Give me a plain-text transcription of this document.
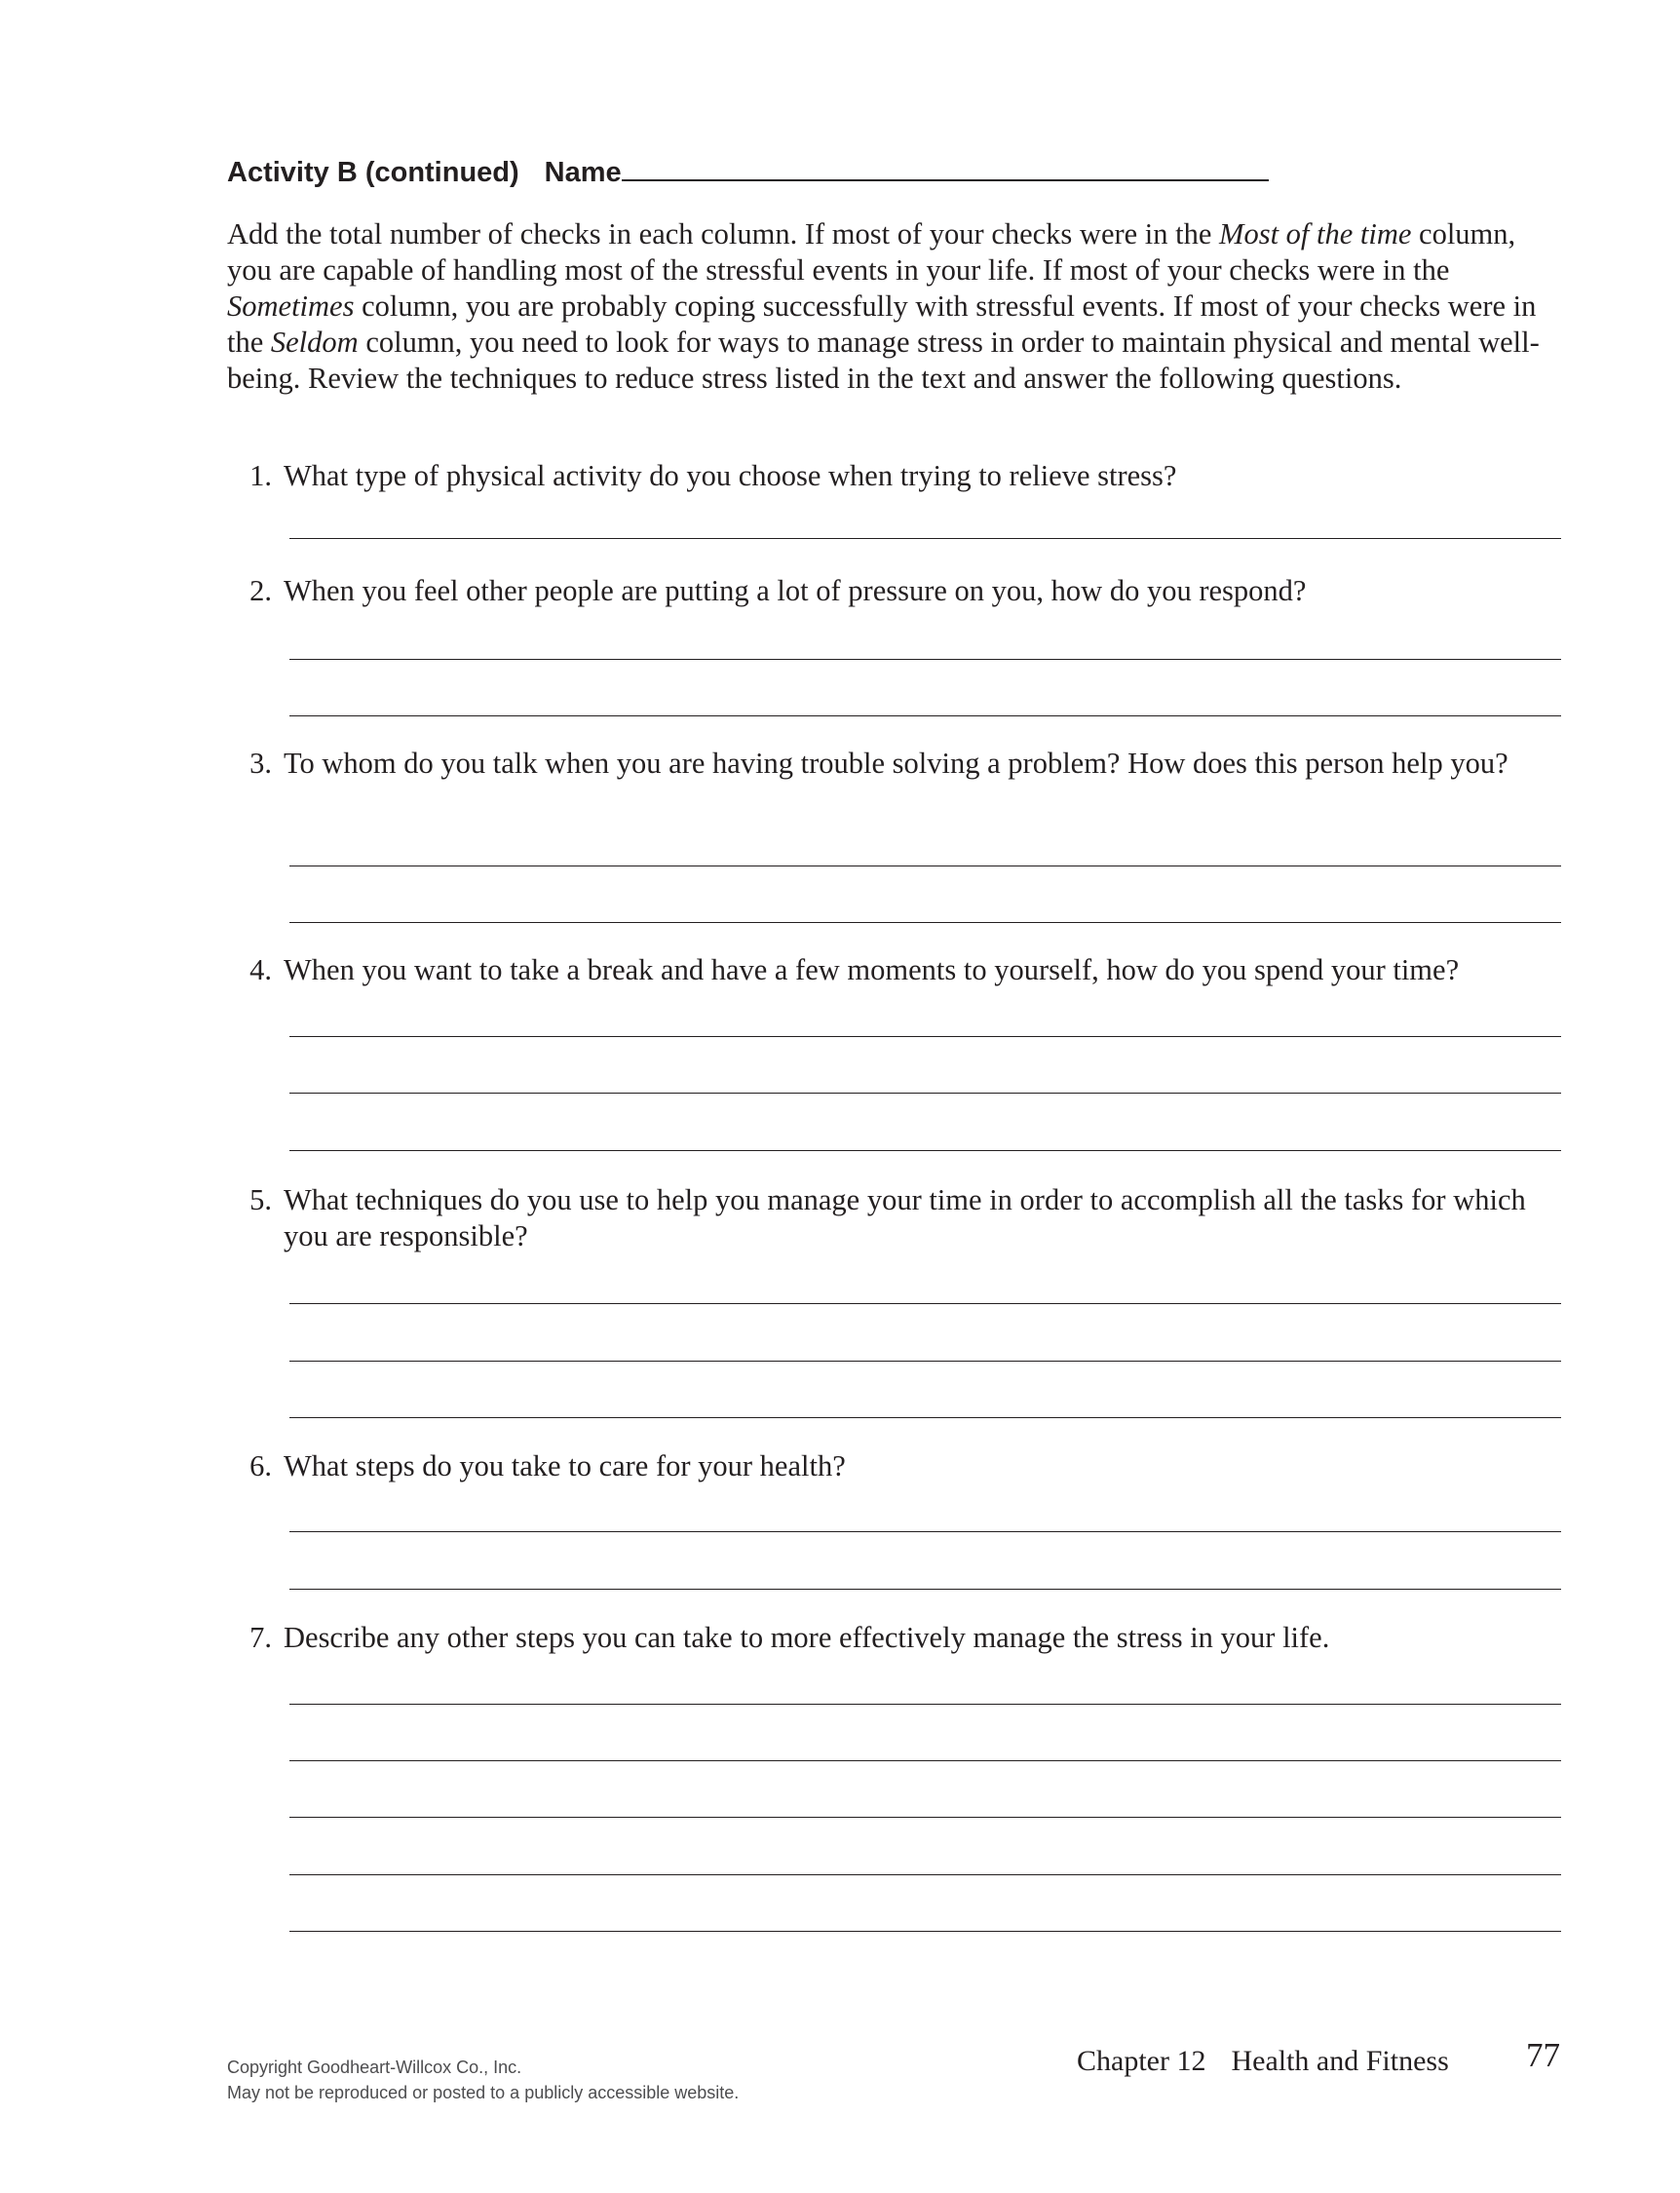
Activity B (continued) Name

Add the total number of checks in each column. If most of your checks were in the Most of the time column, you are capable of handling most of the stressful events in your life. If most of your checks were in the Sometimes column, you are probably coping successfully with stressful events. If most of your checks were in the Seldom column, you need to look for ways to manage stress in order to maintain physical and mental well-being. Review the techniques to reduce stress listed in the text and answer the following questions.

1. What type of physical activity do you choose when trying to relieve stress?
2. When you feel other people are putting a lot of pressure on you, how do you respond?
3. To whom do you talk when you are having trouble solving a problem? How does this person help you?
4. When you want to take a break and have a few moments to yourself, how do you spend your time?
5. What techniques do you use to help you manage your time in order to accomplish all the tasks for which you are responsible?
6. What steps do you take to care for your health?
7. Describe any other steps you can take to more effectively manage the stress in your life.
Copyright Goodheart-Willcox Co., Inc.
May not be reproduced or posted to a publicly accessible website.
Chapter 12 Health and Fitness 77
